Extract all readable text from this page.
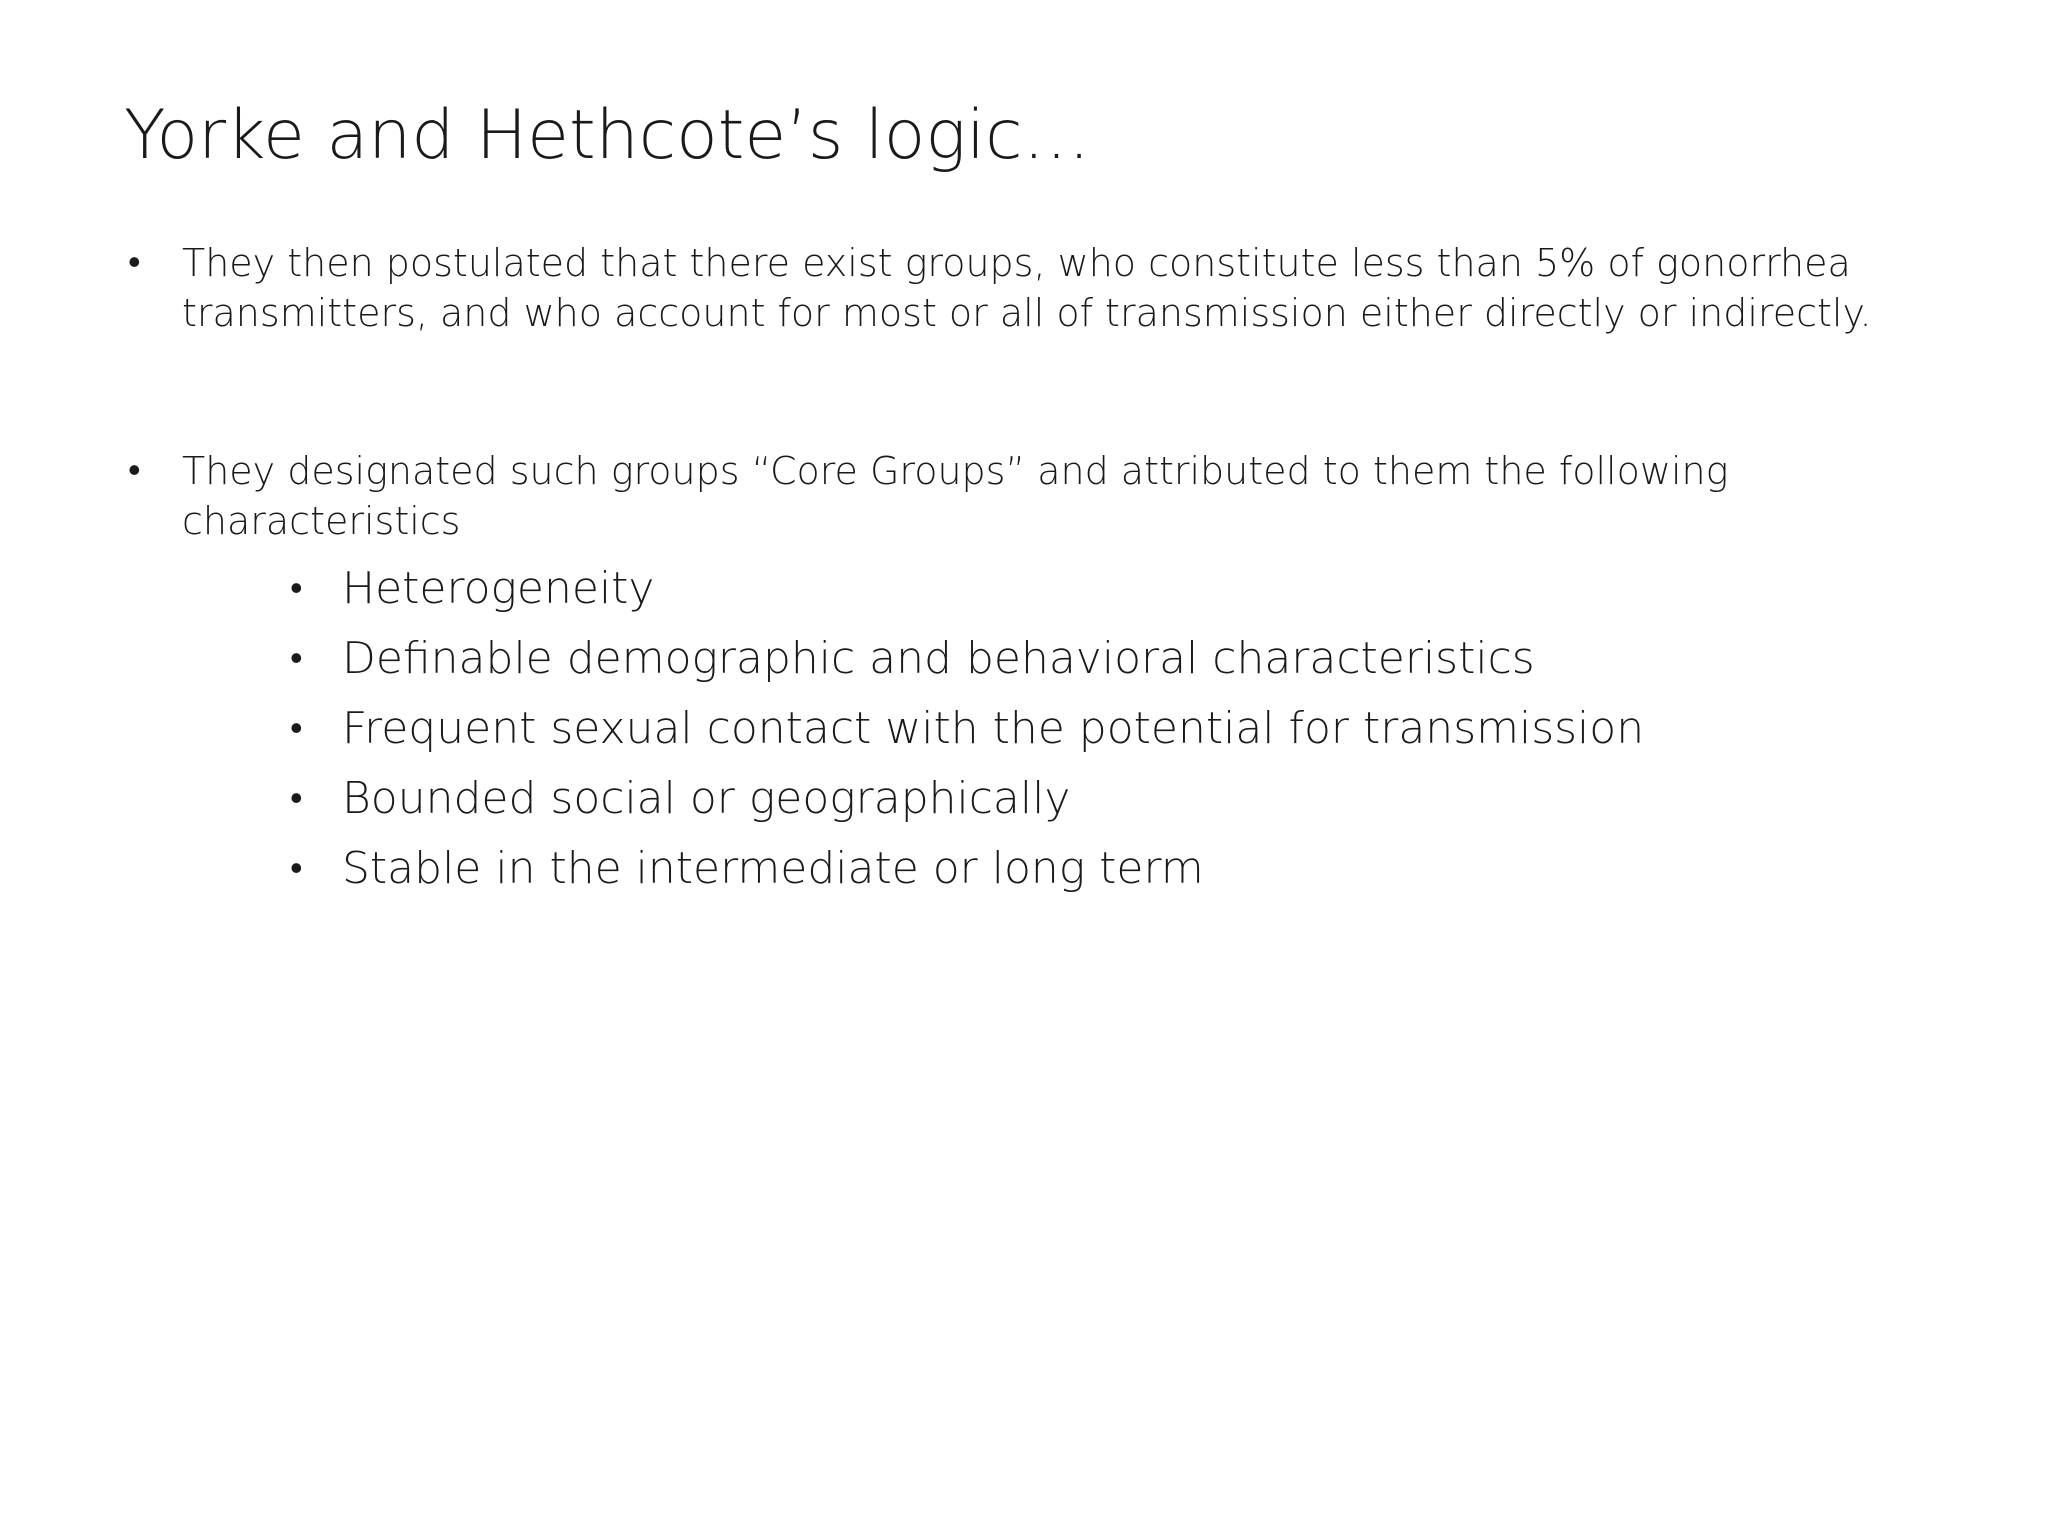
Yorke and Hethcote’s logic…
• They then postulated that there exist groups, who constitute less than 5% of gonorrhea transmitters, and who account for most or all of transmission either directly or indirectly.
• They designated such groups “Core Groups” and attributed to them the following characteristics
• Heterogeneity
• Definable demographic and behavioral characteristics
• Frequent sexual contact with the potential for transmission
• Bounded social or geographically
• Stable in the intermediate or long term
